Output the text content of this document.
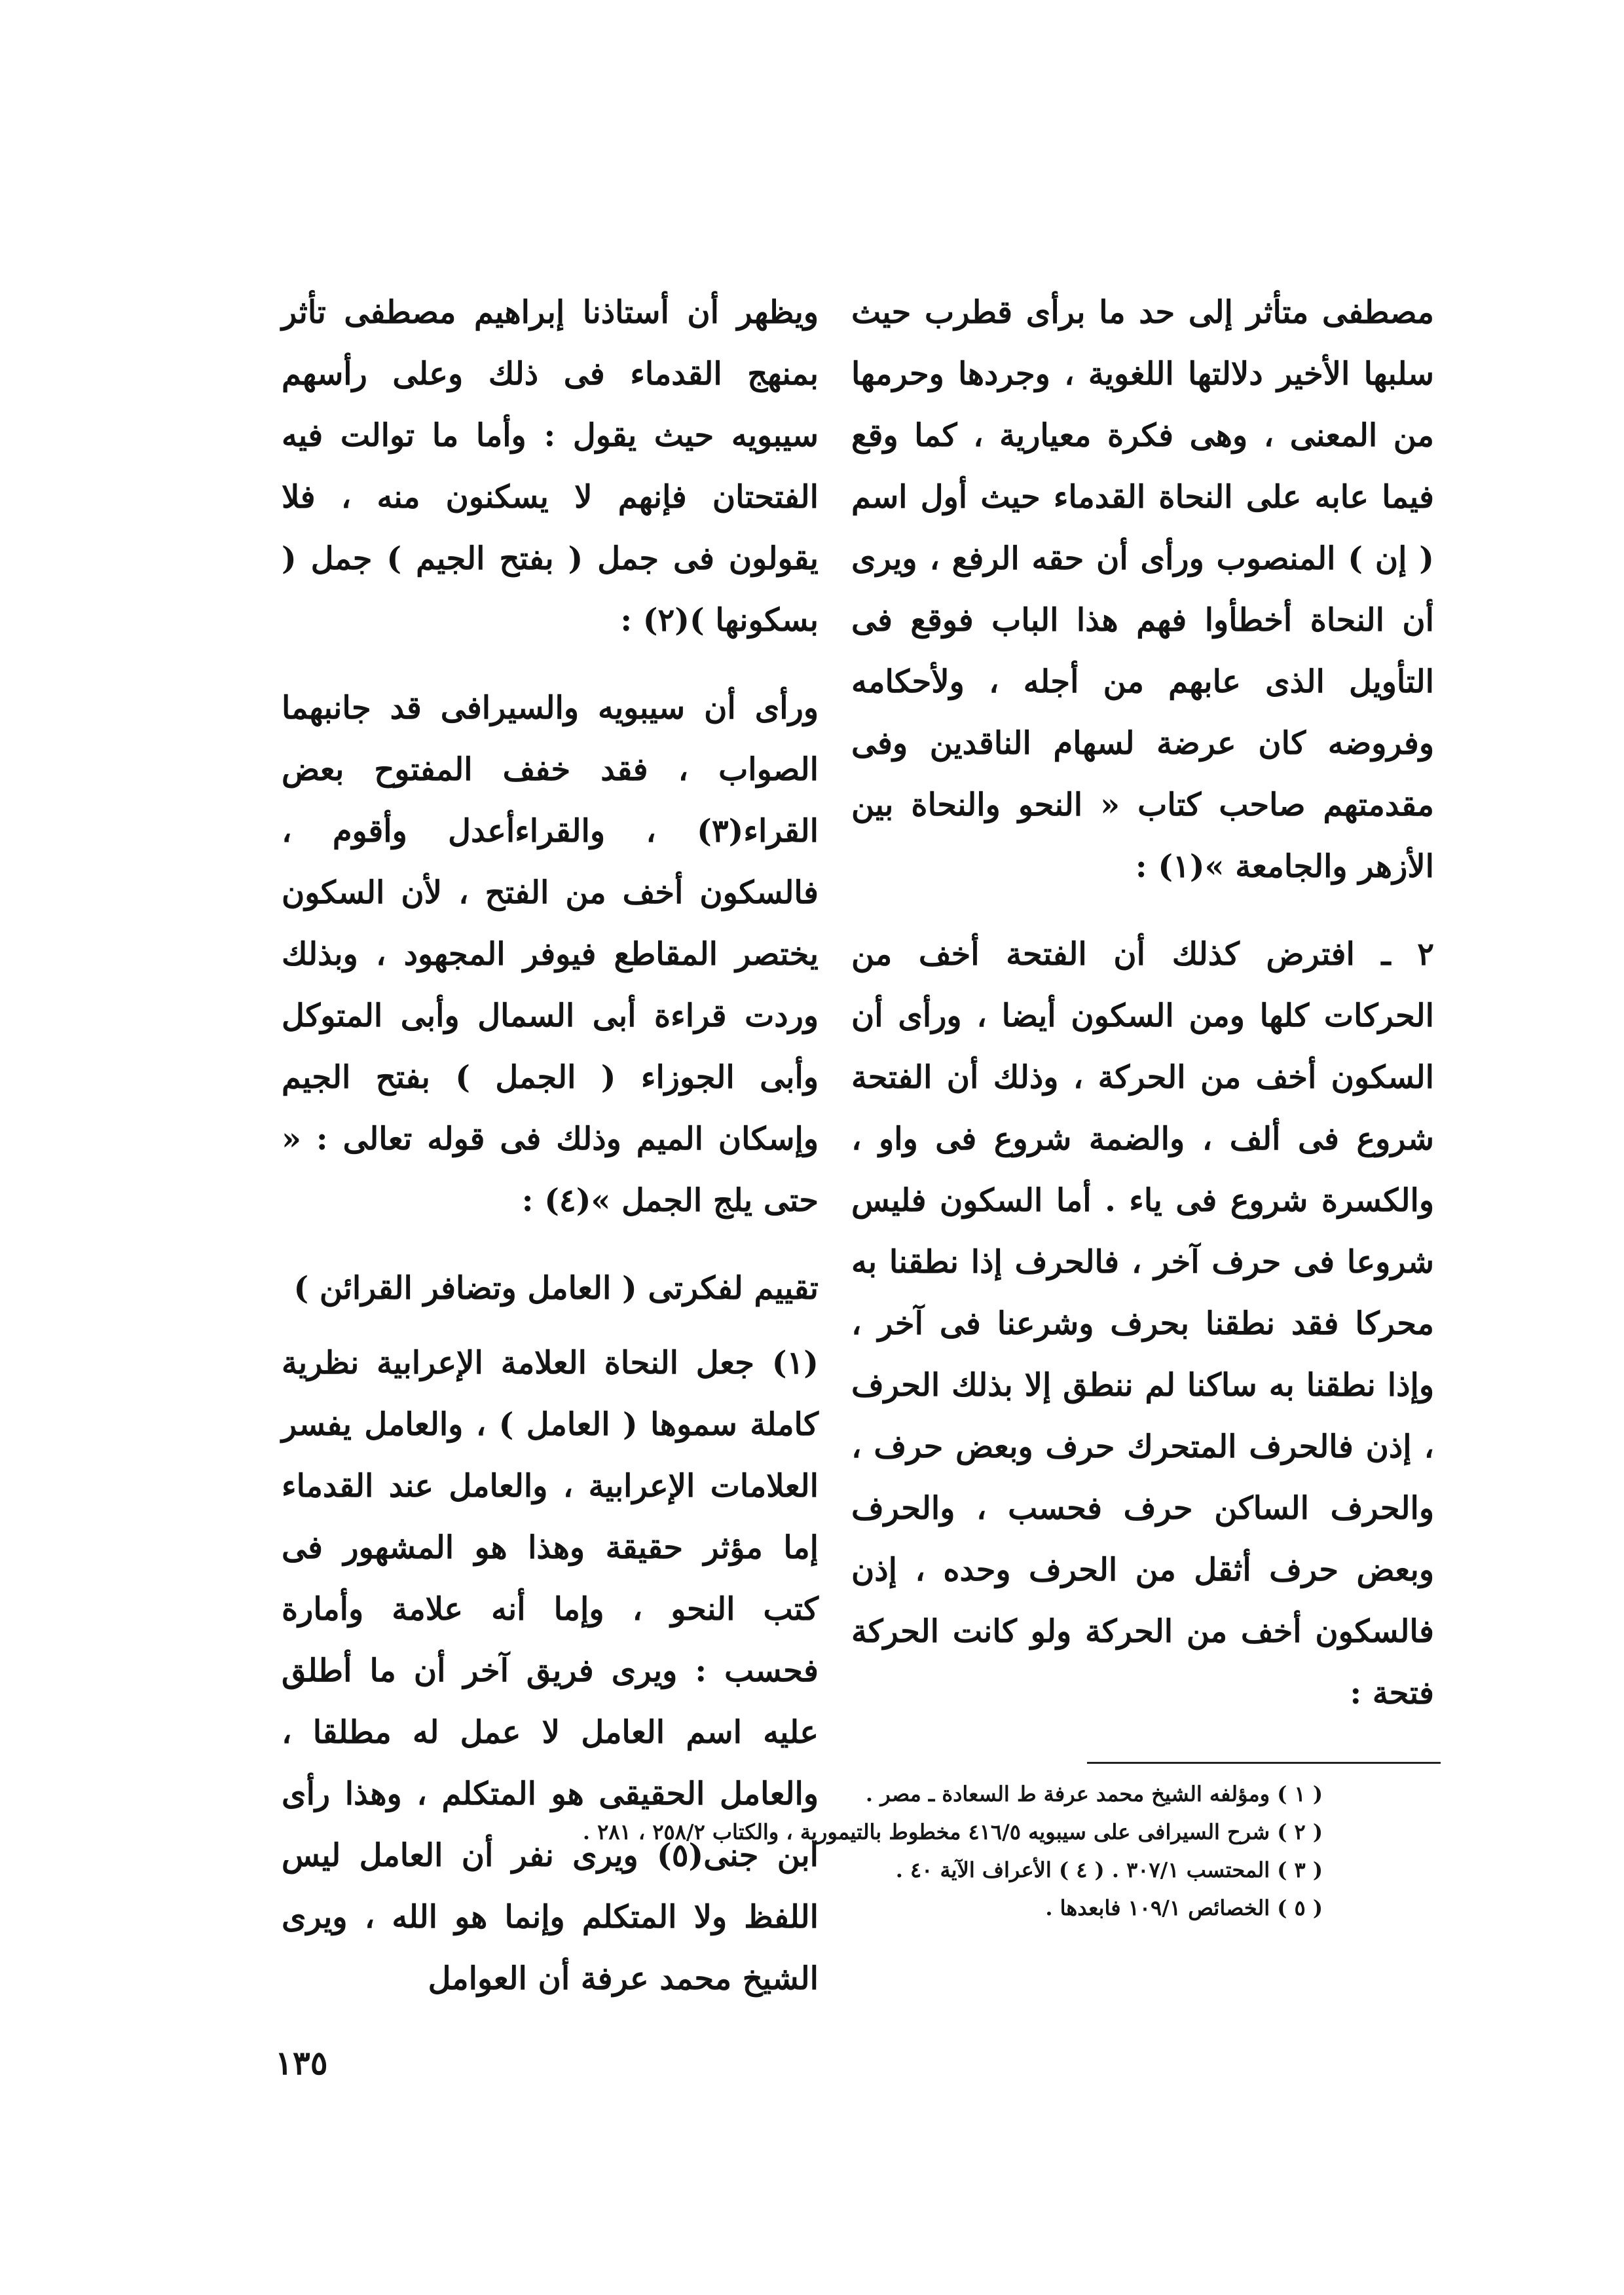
مصطفى متأثر إلى حد ما برأى قطرب حيث سلبها الأخير دلالتها اللغوية ، وجردها وحرمها من المعنى ، وهى فكرة معيارية ، كما وقع فيما عابه على النحاة القدماء حيث أول اسم ( إن ) المنصوب ورأى أن حقه الرفع ، ويرى أن النحاة أخطأوا فهم هذا الباب فوقع فى التأويل الذى عابهم من أجله ، ولأحكامه وفروضه كان عرضة لسهام الناقدين وفى مقدمتهم صاحب كتاب « النحو والنحاة بين الأزهر والجامعة »(١) :

٢ ـ افترض كذلك أن الفتحة أخف من الحركات كلها ومن السكون أيضا ، ورأى أن السكون أخف من الحركة ، وذلك أن الفتحة شروع فى ألف ، والضمة شروع فى واو ، والكسرة شروع فى ياء . أما السكون فليس شروعا فى حرف آخر ، فالحرف إذا نطقنا به محركا فقد نطقنا بحرف وشرعنا فى آخر ، وإذا نطقنا به ساكنا لم ننطق إلا بذلك الحرف ، إذن فالحرف المتحرك حرف وبعض حرف ، والحرف الساكن حرف فحسب ، والحرف وبعض حرف أثقل من الحرف وحده ، إذن فالسكون أخف من الحركة ولو كانت الحركة فتحة :

ويظهر أن أستاذنا إبراهيم مصطفى تأثر بمنهج القدماء فى ذلك وعلى رأسهم سيبويه حيث يقول : وأما ما توالت فيه الفتحتان فإنهم لا يسكنون منه ، فلا يقولون فى جمل ( بفتح الجيم ) جمل ( بسكونها )(٢) :

ورأى أن سيبويه والسيرافى قد جانبهما الصواب ، فقد خفف المفتوح بعض القراء(٣) ، والقراءأعدل وأقوم ، فالسكون أخف من الفتح ، لأن السكون يختصر المقاطع فيوفر المجهود ، وبذلك وردت قراءة أبى السمال وأبى المتوكل وأبى الجوزاء ( الجمل ) بفتح الجيم وإسكان الميم وذلك فى قوله تعالى : « حتى يلج الجمل »(٤) :

تقييم لفكرتى ( العامل وتضافر القرائن )

(١) جعل النحاة العلامة الإعرابية نظرية كاملة سموها ( العامل ) ، والعامل يفسر العلامات الإعرابية ، والعامل عند القدماء إما مؤثر حقيقة وهذا هو المشهور فى كتب النحو ، وإما أنه علامة وأمارة فحسب : ويرى فريق آخر أن ما أطلق عليه اسم العامل لا عمل له مطلقا ، والعامل الحقيقى هو المتكلم ، وهذا رأى ابن جنى(٥) ويرى نفر أن العامل ليس اللفظ ولا المتكلم وإنما هو الله ، ويرى الشيخ محمد عرفة أن العوامل

( ١ ) ومؤلفه الشيخ محمد عرفة ط السعادة ـ مصر .

( ٢ ) شرح السيرافى على سيبويه ٤١٦/٥ مخطوط بالتيمورية ، والكتاب ٢٥٨/٢ ، ٢٨١ .

( ٣ ) المحتسب ٣٠٧/١ . ( ٤ ) الأعراف الآية ٤٠ .

( ٥ ) الخصائص ١٠٩/١ فابعدها .

١٣٥
